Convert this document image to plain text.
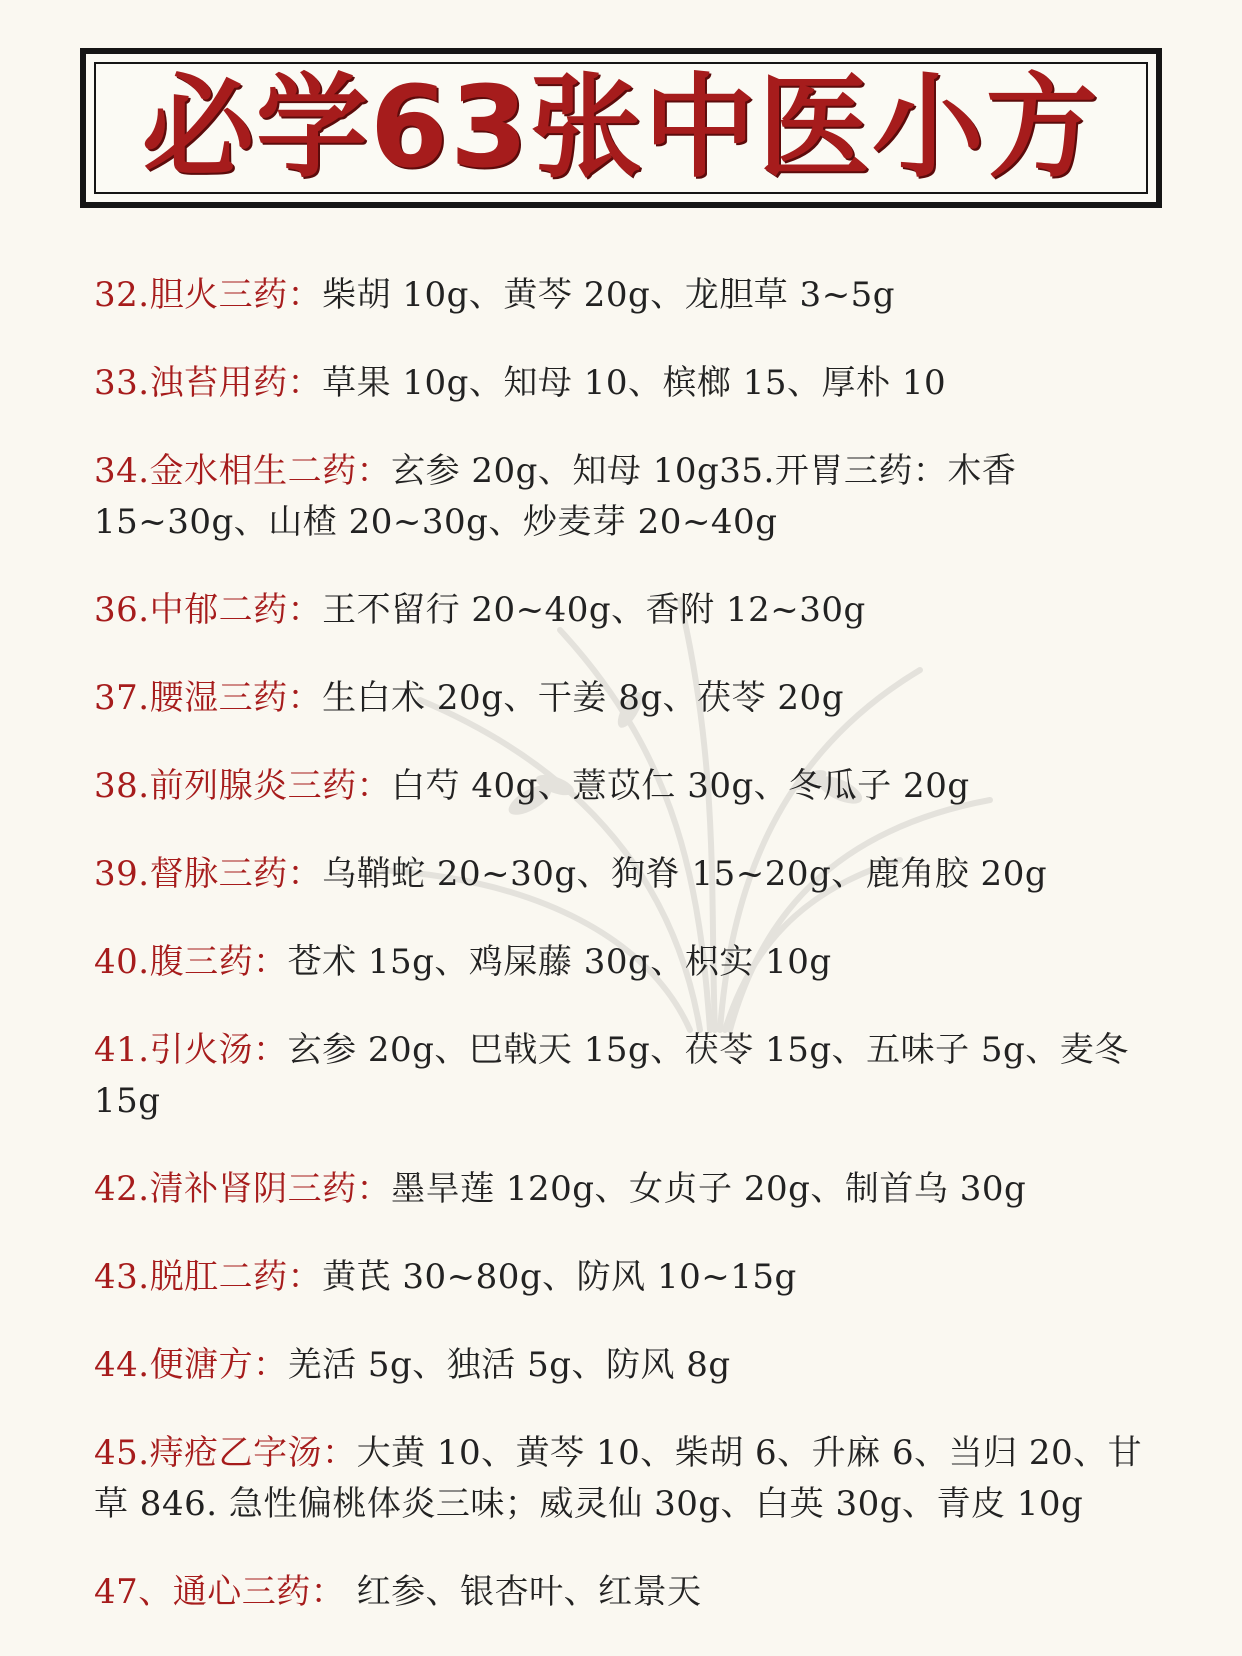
必学63张中医小方
32.胆火三药：柴胡 10g、黄芩 20g、龙胆草 3~5g
33.浊苔用药：草果 10g、知母 10、槟榔 15、厚朴 10
34.金水相生二药：玄参 20g、知母 10g35.开胃三药：木香 15~30g、山楂 20~30g、炒麦芽 20~40g
36.中郁二药：王不留行 20~40g、香附 12~30g
37.腰湿三药：生白术 20g、干姜 8g、茯苓 20g
38.前列腺炎三药：白芍 40g、薏苡仁 30g、冬瓜子 20g
39.督脉三药：乌鞘蛇 20~30g、狗脊 15~20g、鹿角胶 20g
40.腹三药：苍术 15g、鸡屎藤 30g、枳实 10g
41.引火汤：玄参 20g、巴戟天 15g、茯苓 15g、五味子 5g、麦冬 15g
42.清补肾阴三药：墨旱莲 120g、女贞子 20g、制首乌 30g
43.脱肛二药：黄芪 30~80g、防风 10~15g
44.便溏方：羌活 5g、独活 5g、防风 8g
45.痔疮乙字汤：大黄 10、黄芩 10、柴胡 6、升麻 6、当归 20、甘草 846. 急性偏桃体炎三味；威灵仙 30g、白英 30g、青皮 10g
47、通心三药： 红参、银杏叶、红景天
